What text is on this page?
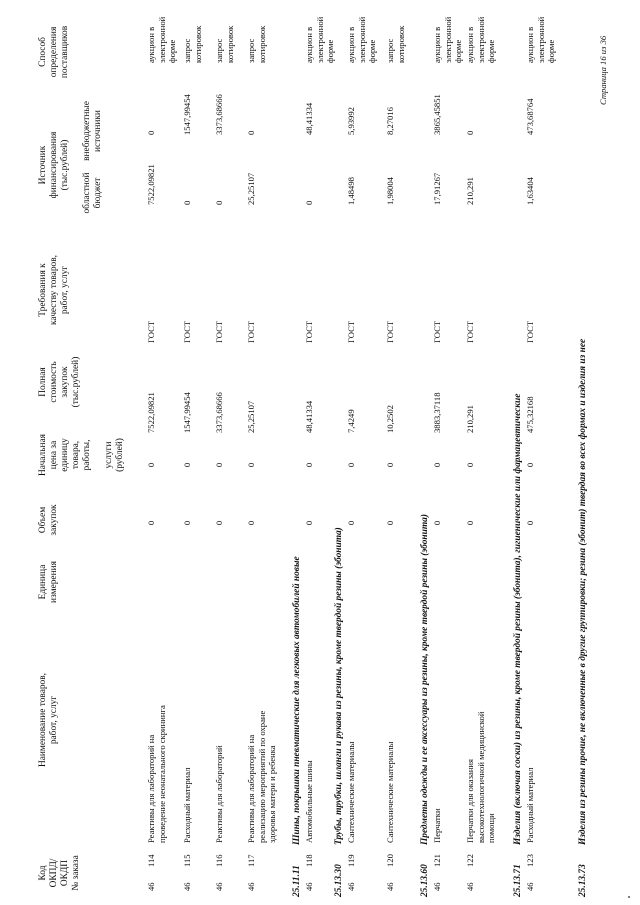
Код ОКПД/ ОКДП № заказа
Наименование товаров, работ, услуг
Единица измерения
Объем закупок
Начальная цена за единицу товара, работы, услуги (рублей)
Полная стоимость закупок (тыс.рублей)
Требования к качеству товаров, работ, услуг
Источник финансирования (тыс.рублей)
областной бюджет
внебюджетные источники
Способ определения поставщиков
46
114
Реактивы для лабораторий на проведение неонатального скрининга
0
0
7522,09821
ГОСТ
7522,09821
0
аукцион в электронной форме
46
115
Расходный материал
0
0
1547,99454
ГОСТ
0
1547,99454
запрос котировок
46
116
Реактивы для лабораторий
0
0
3373,68666
ГОСТ
0
3373,68666
запрос котировок
46
117
Реактивы для лабораторий на реализацию мероприятий по охране здоровья матери и ребенка
0
0
25,25107
ГОСТ
25,25107
0
запрос котировок
25.11.11
Шины, покрышки пневматические для легковых автомобилей новые
46
118
Автомобильные шины
0
0
48,41334
ГОСТ
0
48,41334
аукцион в электронной форме
25.13.30
Трубы, трубки, шланги и рукава из резины, кроме твердой резины (эбонита)
46
119
Сантехнические материалы
0
0
7,4249
ГОСТ
1,48498
5,93992
аукцион в электронной форме
46
120
Сантехнические материалы
0
0
10,2502
ГОСТ
1,98004
8,27016
запрос котировок
25.13.60
Предметы одежды и ее аксессуары из резины, кроме твердой резины (эбонита)
46
121
Перчатки
0
0
3883,37118
ГОСТ
17,91267
3865,45851
аукцион в электронной форме
46
122
Перчатки для оказания высокотехнологичной медицинской помощи
0
0
210,291
ГОСТ
210,291
0
аукцион в электронной форме
25.13.71
Изделия (включая соски) из резины, кроме твердой резины (эбонита), гигиенические или фармацевтические
46
123
Расходный материал
0
0
475,32168
ГОСТ
1,63404
473,68764
аукцион в электронной форме
25.13.73
Изделия из резины прочие, не включенные в другие группировки; резина (эбонит) твердая во всех формах и изделия из нее
Страница 16 из 36
